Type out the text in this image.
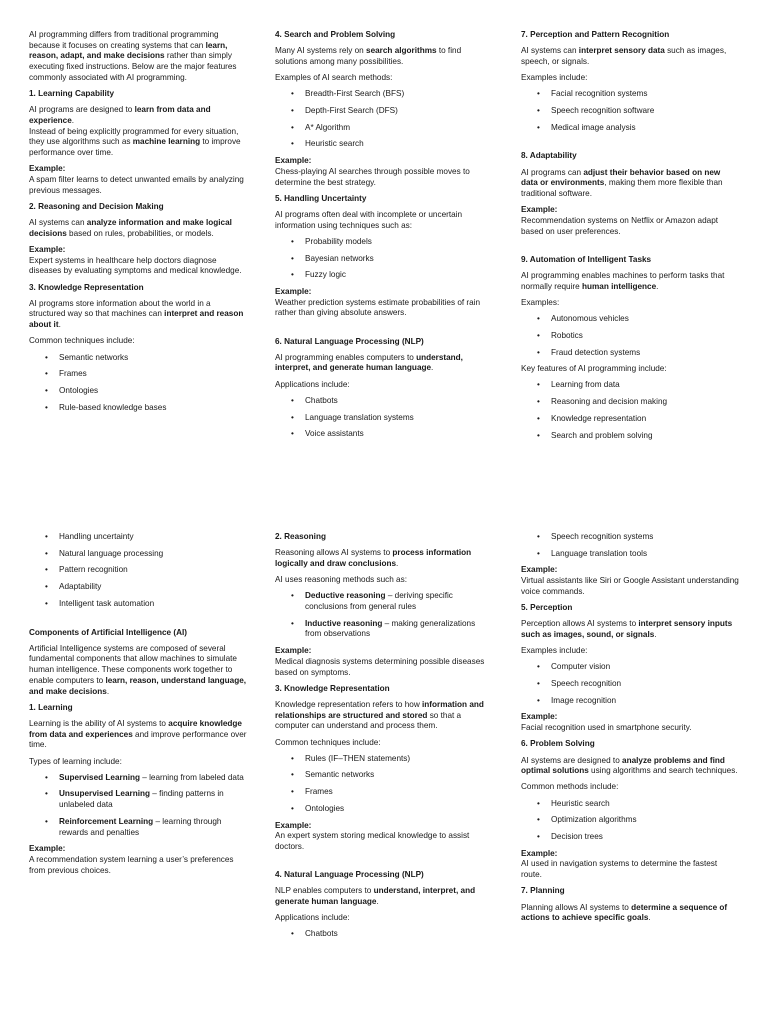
AI programming differs from traditional programming because it focuses on creating systems that can learn, reason, adapt, and make decisions rather than simply executing fixed instructions. Below are the major features commonly associated with AI programming.

1. Learning Capability

AI programs are designed to learn from data and experience.

Instead of being explicitly programmed for every situation, they use algorithms such as machine learning to improve performance over time.

Example:

A spam filter learns to detect unwanted emails by analyzing previous messages.

2. Reasoning and Decision Making

AI systems can analyze information and make logical decisions based on rules, probabilities, or models.

Example:

Expert systems in healthcare help doctors diagnose diseases by evaluating symptoms and medical knowledge.

3. Knowledge Representation

AI programs store information about the world in a structured way so that machines can interpret and reason about it.

Common techniques include:

• Semantic networks
• Frames
• Ontologies
• Rule-based knowledge bases
4. Search and Problem Solving

Many AI systems rely on search algorithms to find solutions among many possibilities.

Examples of AI search methods:

• Breadth-First Search (BFS)
• Depth-First Search (DFS)
• A* Algorithm
• Heuristic search

Example:

Chess-playing AI searches through possible moves to determine the best strategy.

5. Handling Uncertainty

AI programs often deal with incomplete or uncertain information using techniques such as:

• Probability models
• Bayesian networks
• Fuzzy logic

Example:

Weather prediction systems estimate probabilities of rain rather than giving absolute answers.

6. Natural Language Processing (NLP)

AI programming enables computers to understand, interpret, and generate human language.

Applications include:

• Chatbots
• Language translation systems
• Voice assistants
7. Perception and Pattern Recognition

AI systems can interpret sensory data such as images, speech, or signals.

Examples include:

• Facial recognition systems
• Speech recognition software
• Medical image analysis
8. Adaptability

AI programs can adjust their behavior based on new data or environments, making them more flexible than traditional software.

Example:

Recommendation systems on Netflix or Amazon adapt based on user preferences.

9. Automation of Intelligent Tasks

AI programming enables machines to perform tasks that normally require human intelligence.

Examples:

• Autonomous vehicles
• Robotics
• Fraud detection systems

Key features of AI programming include:

• Learning from data
• Reasoning and decision making
• Knowledge representation
• Search and problem solving
• Handling uncertainty
• Natural language processing
• Pattern recognition
• Adaptability
• Intelligent task automation
Components of Artificial Intelligence (AI)

Artificial Intelligence systems are composed of several fundamental components that allow machines to simulate human intelligence. These components work together to enable computers to learn, reason, understand language, and make decisions.

1. Learning

Learning is the ability of AI systems to acquire knowledge from data and experiences and improve performance over time.

Types of learning include:

• Supervised Learning – learning from labeled data
• Unsupervised Learning – finding patterns in unlabeled data
• Reinforcement Learning – learning through rewards and penalties

Example:

A recommendation system learning a user’s preferences from previous choices.

2. Reasoning

Reasoning allows AI systems to process information logically and draw conclusions.

AI uses reasoning methods such as:

• Deductive reasoning – deriving specific conclusions from general rules
• Inductive reasoning – making generalizations from observations

Example:

Medical diagnosis systems determining possible diseases based on symptoms.

3. Knowledge Representation

Knowledge representation refers to how information and relationships are structured and stored so that a computer can understand and process them.

Common techniques include:

• Rules (IF–THEN statements)
• Semantic networks
• Frames
• Ontologies

Example:

An expert system storing medical knowledge to assist doctors.

4. Natural Language Processing (NLP)

NLP enables computers to understand, interpret, and generate human language.

Applications include:

• Chatbots
• Speech recognition systems
• Language translation tools

Example:

Virtual assistants like Siri or Google Assistant understanding voice commands.

5. Perception

Perception allows AI systems to interpret sensory inputs such as images, sound, or signals.

Examples include:

• Computer vision
• Speech recognition
• Image recognition

Example:

Facial recognition used in smartphone security.

6. Problem Solving

AI systems are designed to analyze problems and find optimal solutions using algorithms and search techniques.

Common methods include:

• Heuristic search
• Optimization algorithms
• Decision trees

Example:

AI used in navigation systems to determine the fastest route.

7. Planning

Planning allows AI systems to determine a sequence of actions to achieve specific goals.
